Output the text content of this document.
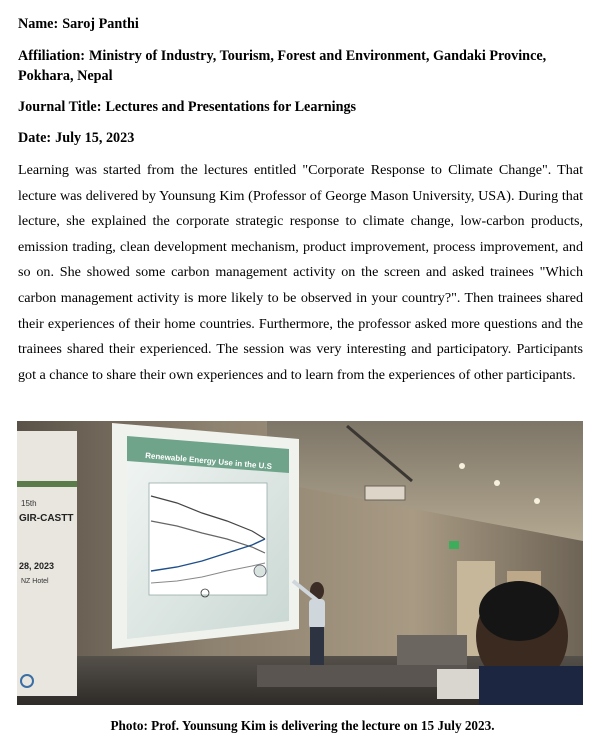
Name: Saroj Panthi
Affiliation: Ministry of Industry, Tourism, Forest and Environment, Gandaki Province, Pokhara, Nepal
Journal Title: Lectures and Presentations for Learnings
Date: July 15, 2023
Learning was started from the lectures entitled "Corporate Response to Climate Change". That lecture was delivered by Younsung Kim (Professor of George Mason University, USA). During that lecture, she explained the corporate strategic response to climate change, low-carbon products, emission trading, clean development mechanism, product improvement, process improvement, and so on. She showed some carbon management activity on the screen and asked trainees "Which carbon management activity is more likely to be observed in your country?". Then trainees shared their experiences of their home countries. Furthermore, the professor asked more questions and the trainees shared their experienced. The session was very interesting and participatory. Participants got a chance to share their own experiences and to learn from the experiences of other participants.
15th
GIR-CASTT
28, 2023
NZ Hotel
Renewable Energy Use in the U.S
Photo: Prof. Younsung Kim is delivering the lecture on 15 July 2023.
